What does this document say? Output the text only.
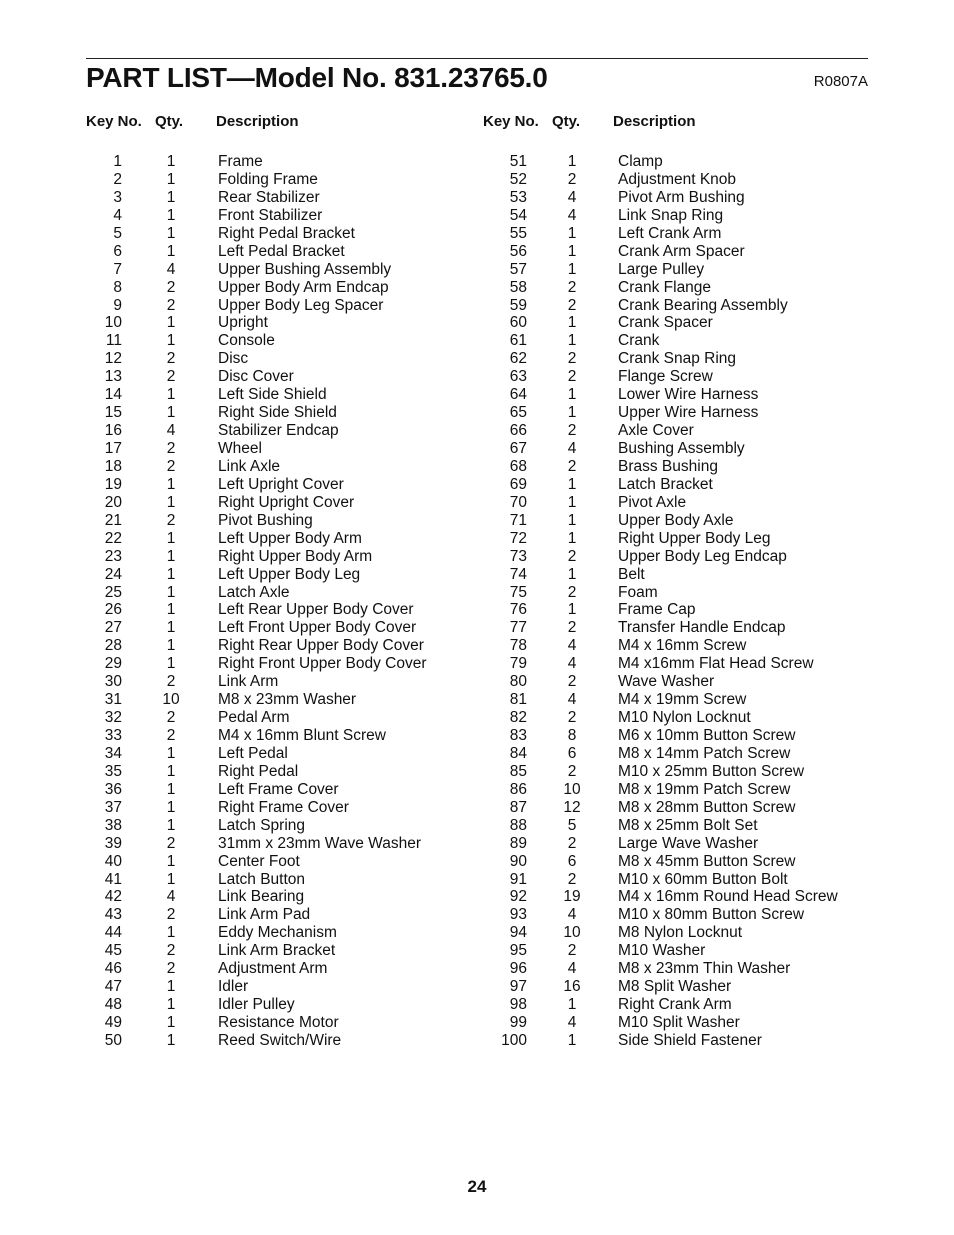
PART LIST—Model No. 831.23765.0	R0807A
Key No. Qty. Description	Key No. Qty. Description
1	1	Frame
2	1	Folding Frame
3	1	Rear Stabilizer
4	1	Front Stabilizer
5	1	Right Pedal Bracket
6	1	Left Pedal Bracket
7	4	Upper Bushing Assembly
8	2	Upper Body Arm Endcap
9	2	Upper Body Leg Spacer
10	1	Upright
11	1	Console
12	2	Disc
13	2	Disc Cover
14	1	Left Side Shield
15	1	Right Side Shield
16	4	Stabilizer Endcap
17	2	Wheel
18	2	Link Axle
19	1	Left Upright Cover
20	1	Right Upright Cover
21	2	Pivot Bushing
22	1	Left Upper Body Arm
23	1	Right Upper Body Arm
24	1	Left Upper Body Leg
25	1	Latch Axle
26	1	Left Rear Upper Body Cover
27	1	Left Front Upper Body Cover
28	1	Right Rear Upper Body Cover
29	1	Right Front Upper Body Cover
30	2	Link Arm
31	10	M8 x 23mm Washer
32	2	Pedal Arm
33	2	M4 x 16mm Blunt Screw
34	1	Left Pedal
35	1	Right Pedal
36	1	Left Frame Cover
37	1	Right Frame Cover
38	1	Latch Spring
39	2	31mm x 23mm Wave Washer
40	1	Center Foot
41	1	Latch Button
42	4	Link Bearing
43	2	Link Arm Pad
44	1	Eddy Mechanism
45	2	Link Arm Bracket
46	2	Adjustment Arm
47	1	Idler
48	1	Idler Pulley
49	1	Resistance Motor
50	1	Reed Switch/Wire
51	1	Clamp
52	2	Adjustment Knob
53	4	Pivot Arm Bushing
54	4	Link Snap Ring
55	1	Left Crank Arm
56	1	Crank Arm Spacer
57	1	Large Pulley
58	2	Crank Flange
59	2	Crank Bearing Assembly
60	1	Crank Spacer
61	1	Crank
62	2	Crank Snap Ring
63	2	Flange Screw
64	1	Lower Wire Harness
65	1	Upper Wire Harness
66	2	Axle Cover
67	4	Bushing Assembly
68	2	Brass Bushing
69	1	Latch Bracket
70	1	Pivot Axle
71	1	Upper Body Axle
72	1	Right Upper Body Leg
73	2	Upper Body Leg Endcap
74	1	Belt
75	2	Foam
76	1	Frame Cap
77	2	Transfer Handle Endcap
78	4	M4 x 16mm Screw
79	4	M4 x16mm Flat Head Screw
80	2	Wave Washer
81	4	M4 x 19mm Screw
82	2	M10 Nylon Locknut
83	8	M6 x 10mm Button Screw
84	6	M8 x 14mm Patch Screw
85	2	M10 x 25mm Button Screw
86	10	M8 x 19mm Patch Screw
87	12	M8 x 28mm Button Screw
88	5	M8 x 25mm Bolt Set
89	2	Large Wave Washer
90	6	M8 x 45mm Button Screw
91	2	M10 x 60mm Button Bolt
92	19	M4 x 16mm Round Head Screw
93	4	M10 x 80mm Button Screw
94	10	M8 Nylon Locknut
95	2	M10 Washer
96	4	M8 x 23mm Thin Washer
97	16	M8 Split Washer
98	1	Right Crank Arm
99	4	M10 Split Washer
100	1	Side Shield Fastener
24
